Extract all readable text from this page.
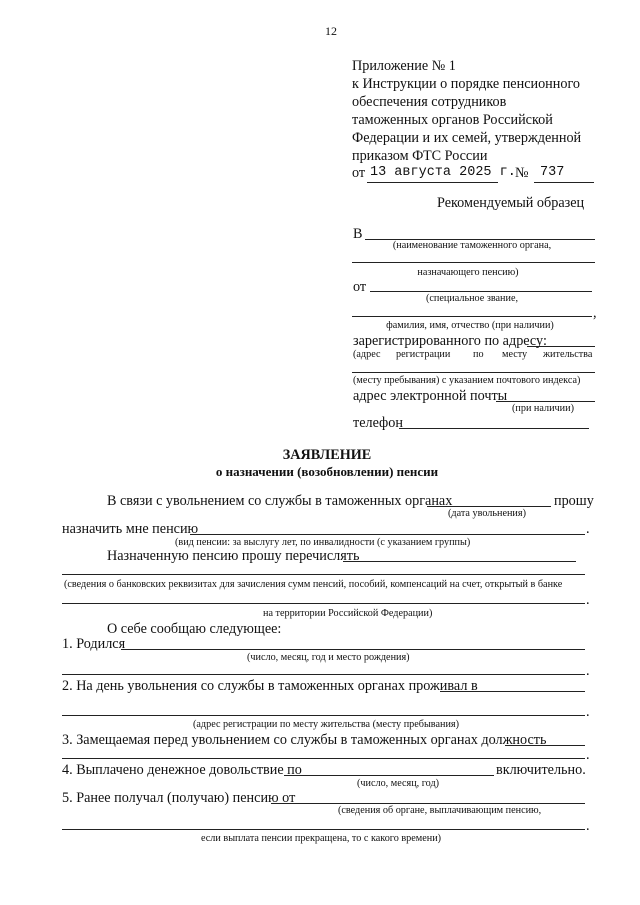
12
Приложение № 1
к Инструкции о порядке пенсионного
обеспечения сотрудников
таможенных органов Российской
Федерации и их семей, утвержденной
приказом ФТС России
от 13 августа 2025 г. № 737
Рекомендуемый образец
В
(наименование таможенного органа,
назначающего пенсию)
от
(специальное звание,
,
фамилия, имя, отчество (при наличии)
зарегистрированного по адресу:
(адрес регистрации по месту жительства
(месту пребывания) с указанием почтового индекса)
адрес электронной почты
(при наличии)
телефон
ЗАЯВЛЕНИЕ
о назначении (возобновлении) пенсии
В связи с увольнением со службы в таможенных органах	прошу
(дата увольнения)
назначить мне пенсию	.
(вид пенсии: за выслугу лет, по инвалидности (с указанием группы)
Назначенную пенсию прошу перечислять
(сведения о банковских реквизитах для зачисления сумм пенсий, пособий, компенсаций на счет, открытый в банке
.
на территории Российской Федерации)
О себе сообщаю следующее:
1. Родился
(число, месяц, год и место рождения)
.
2. На день увольнения со службы в таможенных органах проживал в
.
(адрес регистрации по месту жительства (месту пребывания)
3. Замещаемая перед увольнением со службы в таможенных органах должность
.
4. Выплачено денежное довольствие по	включительно.
(число, месяц, год)
5. Ранее получал (получаю) пенсию от
(сведения об органе, выплачивающим пенсию,
.
если выплата пенсии прекращена, то с какого времени)
